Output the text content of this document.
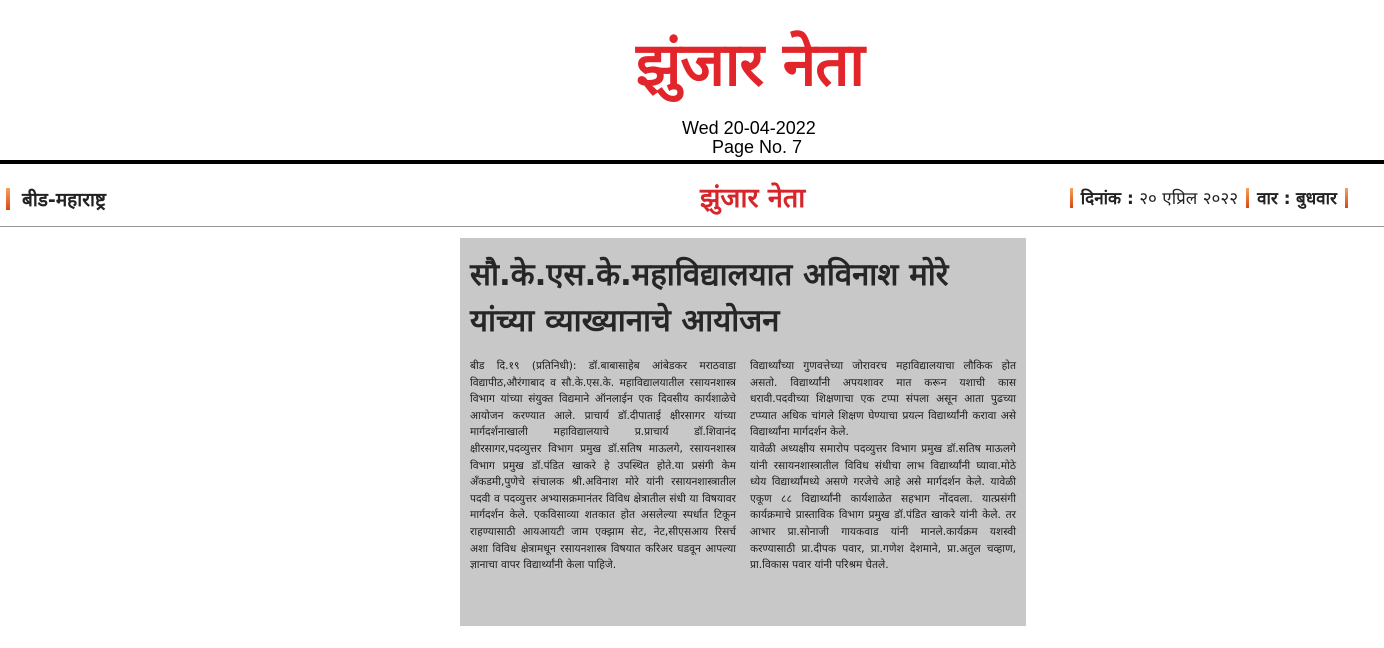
झुंजार नेता
Wed 20-04-2022
Page No. 7
बीड-महाराष्ट्र	झुंजार नेता	दिनांक : २० एप्रिल २०२२ वार : बुधवार
सौ.के.एस.के.महाविद्यालयात अविनाश मोरे यांच्या व्याख्यानाचे आयोजन

बीड दि.१९ (प्रतिनिधी): डॉ.बाबासाहेब आंबेडकर मराठवाडा विद्यापीठ,औरंगाबाद व सौ.के.एस.के. महाविद्यालयातील रसायनशास्त्र विभाग यांच्या संयुक्त विद्यमाने ऑनलाईन एक दिवसीय कार्यशाळेचे आयोजन करण्यात आले. प्राचार्य डॉ.दीपाताई क्षीरसागर यांच्या मार्गदर्शनाखाली महाविद्यालयाचे प्र.प्राचार्य डॉ.शिवानंद क्षीरसागर,पदव्युत्तर विभाग प्रमुख डॉ.सतिष माऊलगे, रसायनशास्त्र विभाग प्रमुख डॉ.पंडित खाकरे हे उपस्थित होते.या प्रसंगी केम अँकडमी,पुणेचे संचालक श्री.अविनाश मोरे यांनी रसायनशास्त्रातील पदवी व पदव्युत्तर अभ्यासक्रमानंतर विविध क्षेत्रातील संधी या विषयावर मार्गदर्शन केले. एकविसाव्या शतकात होत असलेल्या स्पर्धात टिकून राहण्यासाठी आयआयटी जाम एक्झाम सेट, नेट,सीएसआय रिसर्च अशा विविध क्षेत्रामधून रसायनशास्त्र विषयात करिअर घडवून आपल्या ज्ञानाचा वापर विद्यार्थ्यांनी केला पाहिजे.

विद्यार्थ्यांच्या गुणवत्तेच्या जोरावरच महाविद्यालयाचा लौकिक होत असतो. विद्यार्थ्यांनी अपयशावर मात करून यशाची कास धरावी.पदवीच्या शिक्षणाचा एक टप्पा संपला असून आता पुढच्या टप्प्यात अधिक चांगले शिक्षण घेण्याचा प्रयत्न विद्यार्थ्यांनी करावा असे विद्यार्थ्यांना मार्गदर्शन केले.

यावेळी अध्यक्षीय समारोप पदव्युत्तर विभाग प्रमुख डॉ.सतिष माऊलगे यांनी रसायनशास्त्रातील विविध संधीचा लाभ विद्यार्थ्यांनी घ्यावा.मोठे ध्येय विद्यार्थ्यांमध्ये असणे गरजेचे आहे असे मार्गदर्शन केले. यावेळी एकूण ८८ विद्यार्थ्यांनी कार्यशाळेत सहभाग नोंदवला. यात्प्रसंगी कार्यक्रमाचे प्रास्ताविक विभाग प्रमुख डॉ.पंडित खाकरे यांनी केले. तर आभार प्रा.सोनाजी गायकवाड यांनी मानले.कार्यक्रम यशस्वी करण्यासाठी प्रा.दीपक पवार, प्रा.गणेश देशमाने, प्रा.अतुल चव्हाण, प्रा.विकास पवार यांनी परिश्रम घेतले.
